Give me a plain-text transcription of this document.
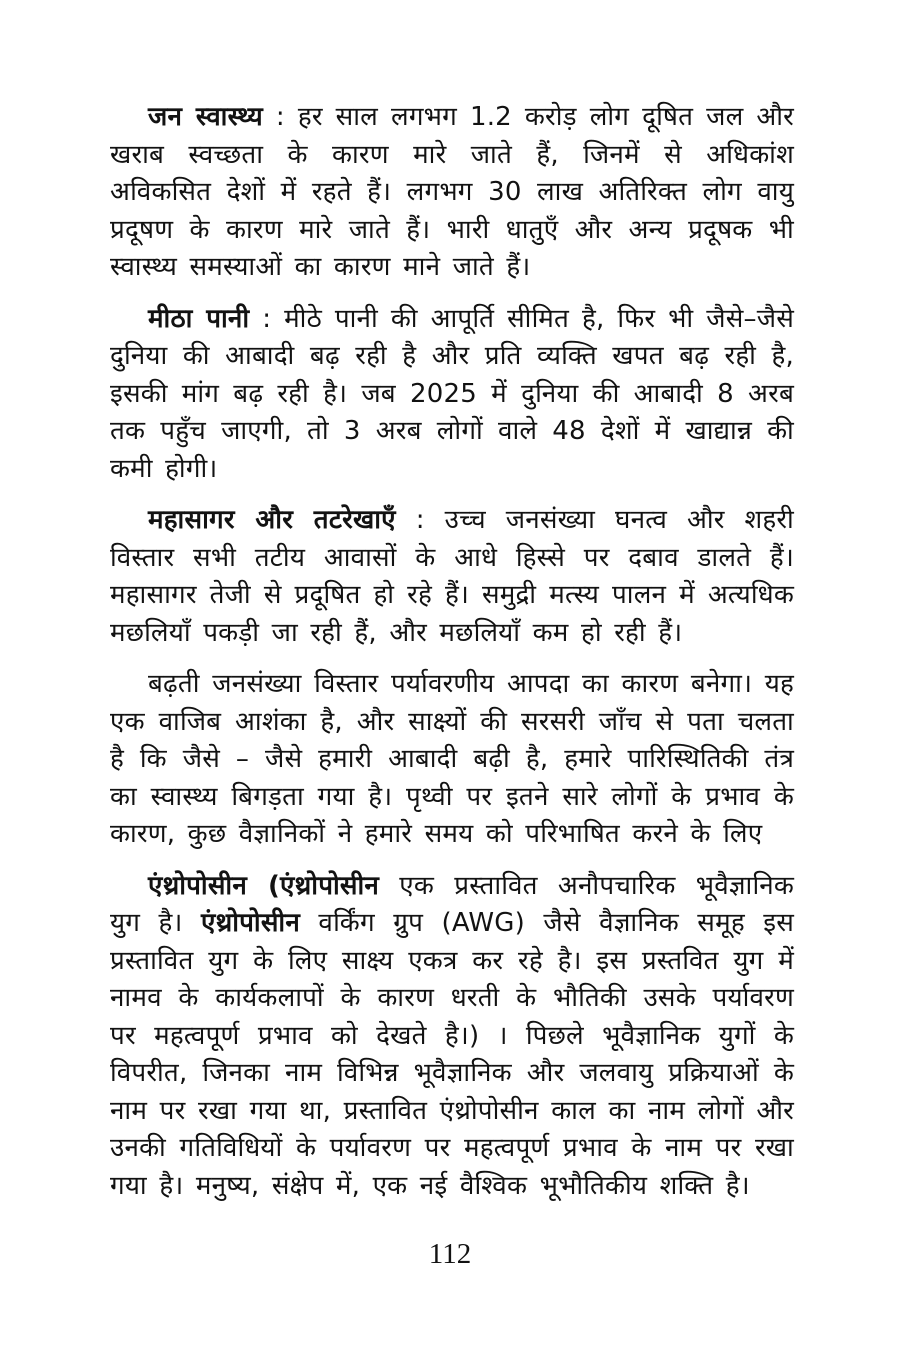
जन स्वास्थ्य : हर साल लगभग 1.2 करोड़ लोग दूषित जल और खराब स्वच्छता के कारण मारे जाते हैं, जिनमें से अधिकांश अविकसित देशों में रहते हैं। लगभग 30 लाख अतिरिक्त लोग वायु प्रदूषण के कारण मारे जाते हैं। भारी धातुएँ और अन्य प्रदूषक भी स्वास्थ्य समस्याओं का कारण माने जाते हैं।

मीठा पानी : मीठे पानी की आपूर्ति सीमित है, फिर भी जैसे–जैसे दुनिया की आबादी बढ़ रही है और प्रति व्यक्ति खपत बढ़ रही है, इसकी मांग बढ़ रही है। जब 2025 में दुनिया की आबादी 8 अरब तक पहुँच जाएगी, तो 3 अरब लोगों वाले 48 देशों में खाद्यान्न की कमी होगी।

महासागर और तटरेखाएँ : उच्च जनसंख्या घनत्व और शहरी विस्तार सभी तटीय आवासों के आधे हिस्से पर दबाव डालते हैं। महासागर तेजी से प्रदूषित हो रहे हैं। समुद्री मत्स्य पालन में अत्यधिक मछलियाँ पकड़ी जा रही हैं, और मछलियाँ कम हो रही हैं।

बढ़ती जनसंख्या विस्तार पर्यावरणीय आपदा का कारण बनेगा। यह एक वाजिब आशंका है, और साक्ष्यों की सरसरी जाँच से पता चलता है कि जैसे – जैसे हमारी आबादी बढ़ी है, हमारे पारिस्थितिकी तंत्र का स्वास्थ्य बिगड़ता गया है। पृथ्वी पर इतने सारे लोगों के प्रभाव के कारण, कुछ वैज्ञानिकों ने हमारे समय को परिभाषित करने के लिए

एंथ्रोपोसीन (एंथ्रोपोसीन एक प्रस्तावित अनौपचारिक भूवैज्ञानिक युग है। एंथ्रोपोसीन वर्किंग ग्रुप (AWG) जैसे वैज्ञानिक समूह इस प्रस्तावित युग के लिए साक्ष्य एकत्र कर रहे है। इस प्रस्तवित युग में नामव के कार्यकलापों के कारण धरती के भौतिकी उसके पर्यावरण पर महत्वपूर्ण प्रभाव को देखते है।) । पिछले भूवैज्ञानिक युगों के विपरीत, जिनका नाम विभिन्न भूवैज्ञानिक और जलवायु प्रक्रियाओं के नाम पर रखा गया था, प्रस्तावित एंथ्रोपोसीन काल का नाम लोगों और उनकी गतिविधियों के पर्यावरण पर महत्वपूर्ण प्रभाव के नाम पर रखा गया है। मनुष्य, संक्षेप में, एक नई वैश्विक भूभौतिकीय शक्ति है।

112
